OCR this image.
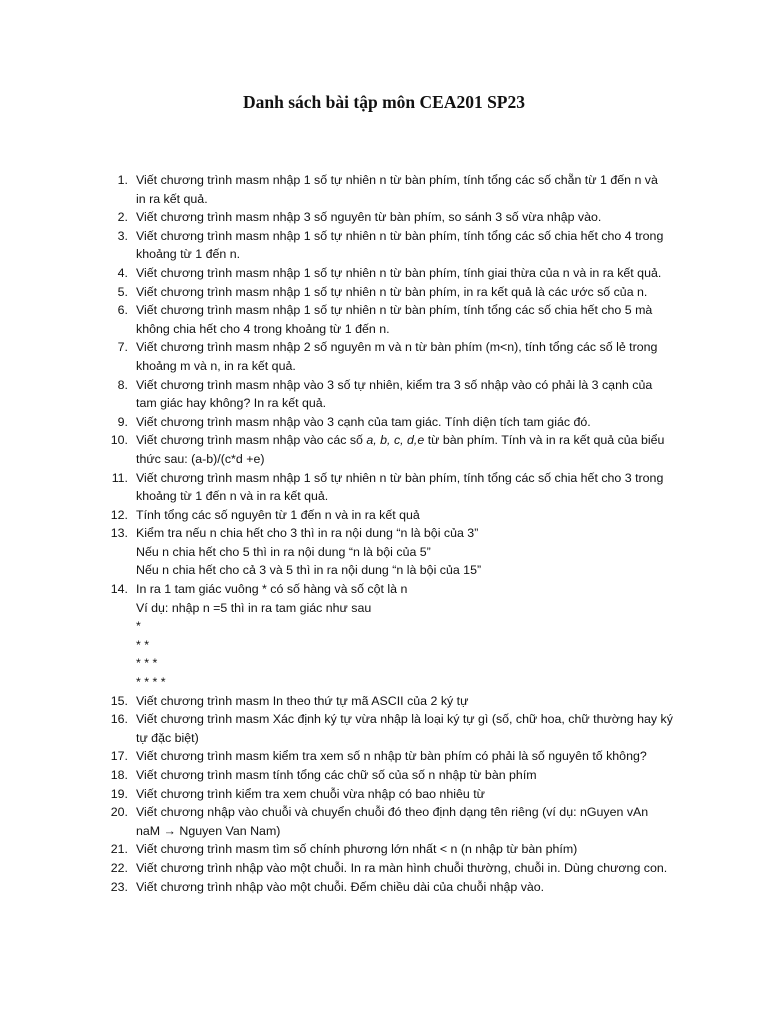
Danh sách bài tập môn CEA201 SP23
1. Viết chương trình masm nhập 1 số tự nhiên n từ bàn phím, tính tổng các số chẵn từ 1 đến n và
in ra kết quả.
2. Viết chương trình masm nhập 3 số nguyên từ bàn phím, so sánh 3 số vừa nhập vào.
3. Viết chương trình masm nhập 1 số tự nhiên n từ bàn phím, tính tổng các số chia hết cho 4 trong
khoảng từ 1 đến n.
4. Viết chương trình masm nhập 1 số tự nhiên n từ bàn phím, tính giai thừa của n và in ra kết quả.
5. Viết chương trình masm nhập 1 số tự nhiên n từ bàn phím, in ra kết quả là các ước số của n.
6. Viết chương trình masm nhập 1 số tự nhiên n từ bàn phím, tính tổng các số chia hết cho 5 mà
không chia hết cho 4 trong khoảng từ 1 đến n.
7. Viết chương trình masm nhập 2 số nguyên m và n từ bàn phím (m<n), tính tổng các số lẻ trong
khoảng m và n, in ra kết quả.
8. Viết chương trình masm nhập vào 3 số tự nhiên, kiểm tra 3 số nhập vào có phải là 3 cạnh của
tam giác hay không? In ra kết quả.
9. Viết chương trình masm nhập vào 3 cạnh của tam giác. Tính diện tích tam giác đó.
10. Viết chương trình masm nhập vào các số a, b, c, d,e từ bàn phím. Tính và in ra kết quả của biểu
thức sau: (a-b)/(c*d +e)
11. Viết chương trình masm nhập 1 số tự nhiên n từ bàn phím, tính tổng các số chia hết cho 3 trong
khoảng từ 1 đến n và in ra kết quả.
12. Tính tổng các số nguyên từ 1 đến n và in ra kết quả
13. Kiểm tra nếu n chia hết cho 3 thì in ra nội dung “n là bội của 3”
Nếu n chia hết cho 5 thì in ra nội dung “n là bội của 5”
Nếu n chia hết cho cả 3 và 5 thì in ra nội dung “n là bội của 15”
14. In ra 1 tam giác vuông * có số hàng và số cột là n
Ví dụ: nhập n =5 thì in ra tam giác như sau
*
* *
* * *
* * * *
15. Viết chương trình masm In theo thứ tự mã ASCII của 2 ký tự
16. Viết chương trình masm Xác định ký tự vừa nhập là loại ký tự gì (số, chữ hoa, chữ thường hay ký
tự đặc biệt)
17. Viết chương trình masm kiểm tra xem số n nhập từ bàn phím có phải là số nguyên tố không?
18. Viết chương trình masm tính tổng các chữ số của số n nhập từ bàn phím
19. Viết chương trình kiểm tra xem chuỗi vừa nhập có bao nhiêu từ
20. Viết chương nhập vào chuỗi và chuyển chuỗi đó theo định dạng tên riêng (ví dụ: nGuyen vAn
naM → Nguyen Van Nam)
21. Viết chương trình masm tìm số chính phương lớn nhất < n (n nhập từ bàn phím)
22. Viết chương trình nhập vào một chuỗi. In ra màn hình chuỗi thường, chuỗi in. Dùng chương con.
23. Viết chương trình nhập vào một chuỗi. Đếm chiều dài của chuỗi nhập vào.
